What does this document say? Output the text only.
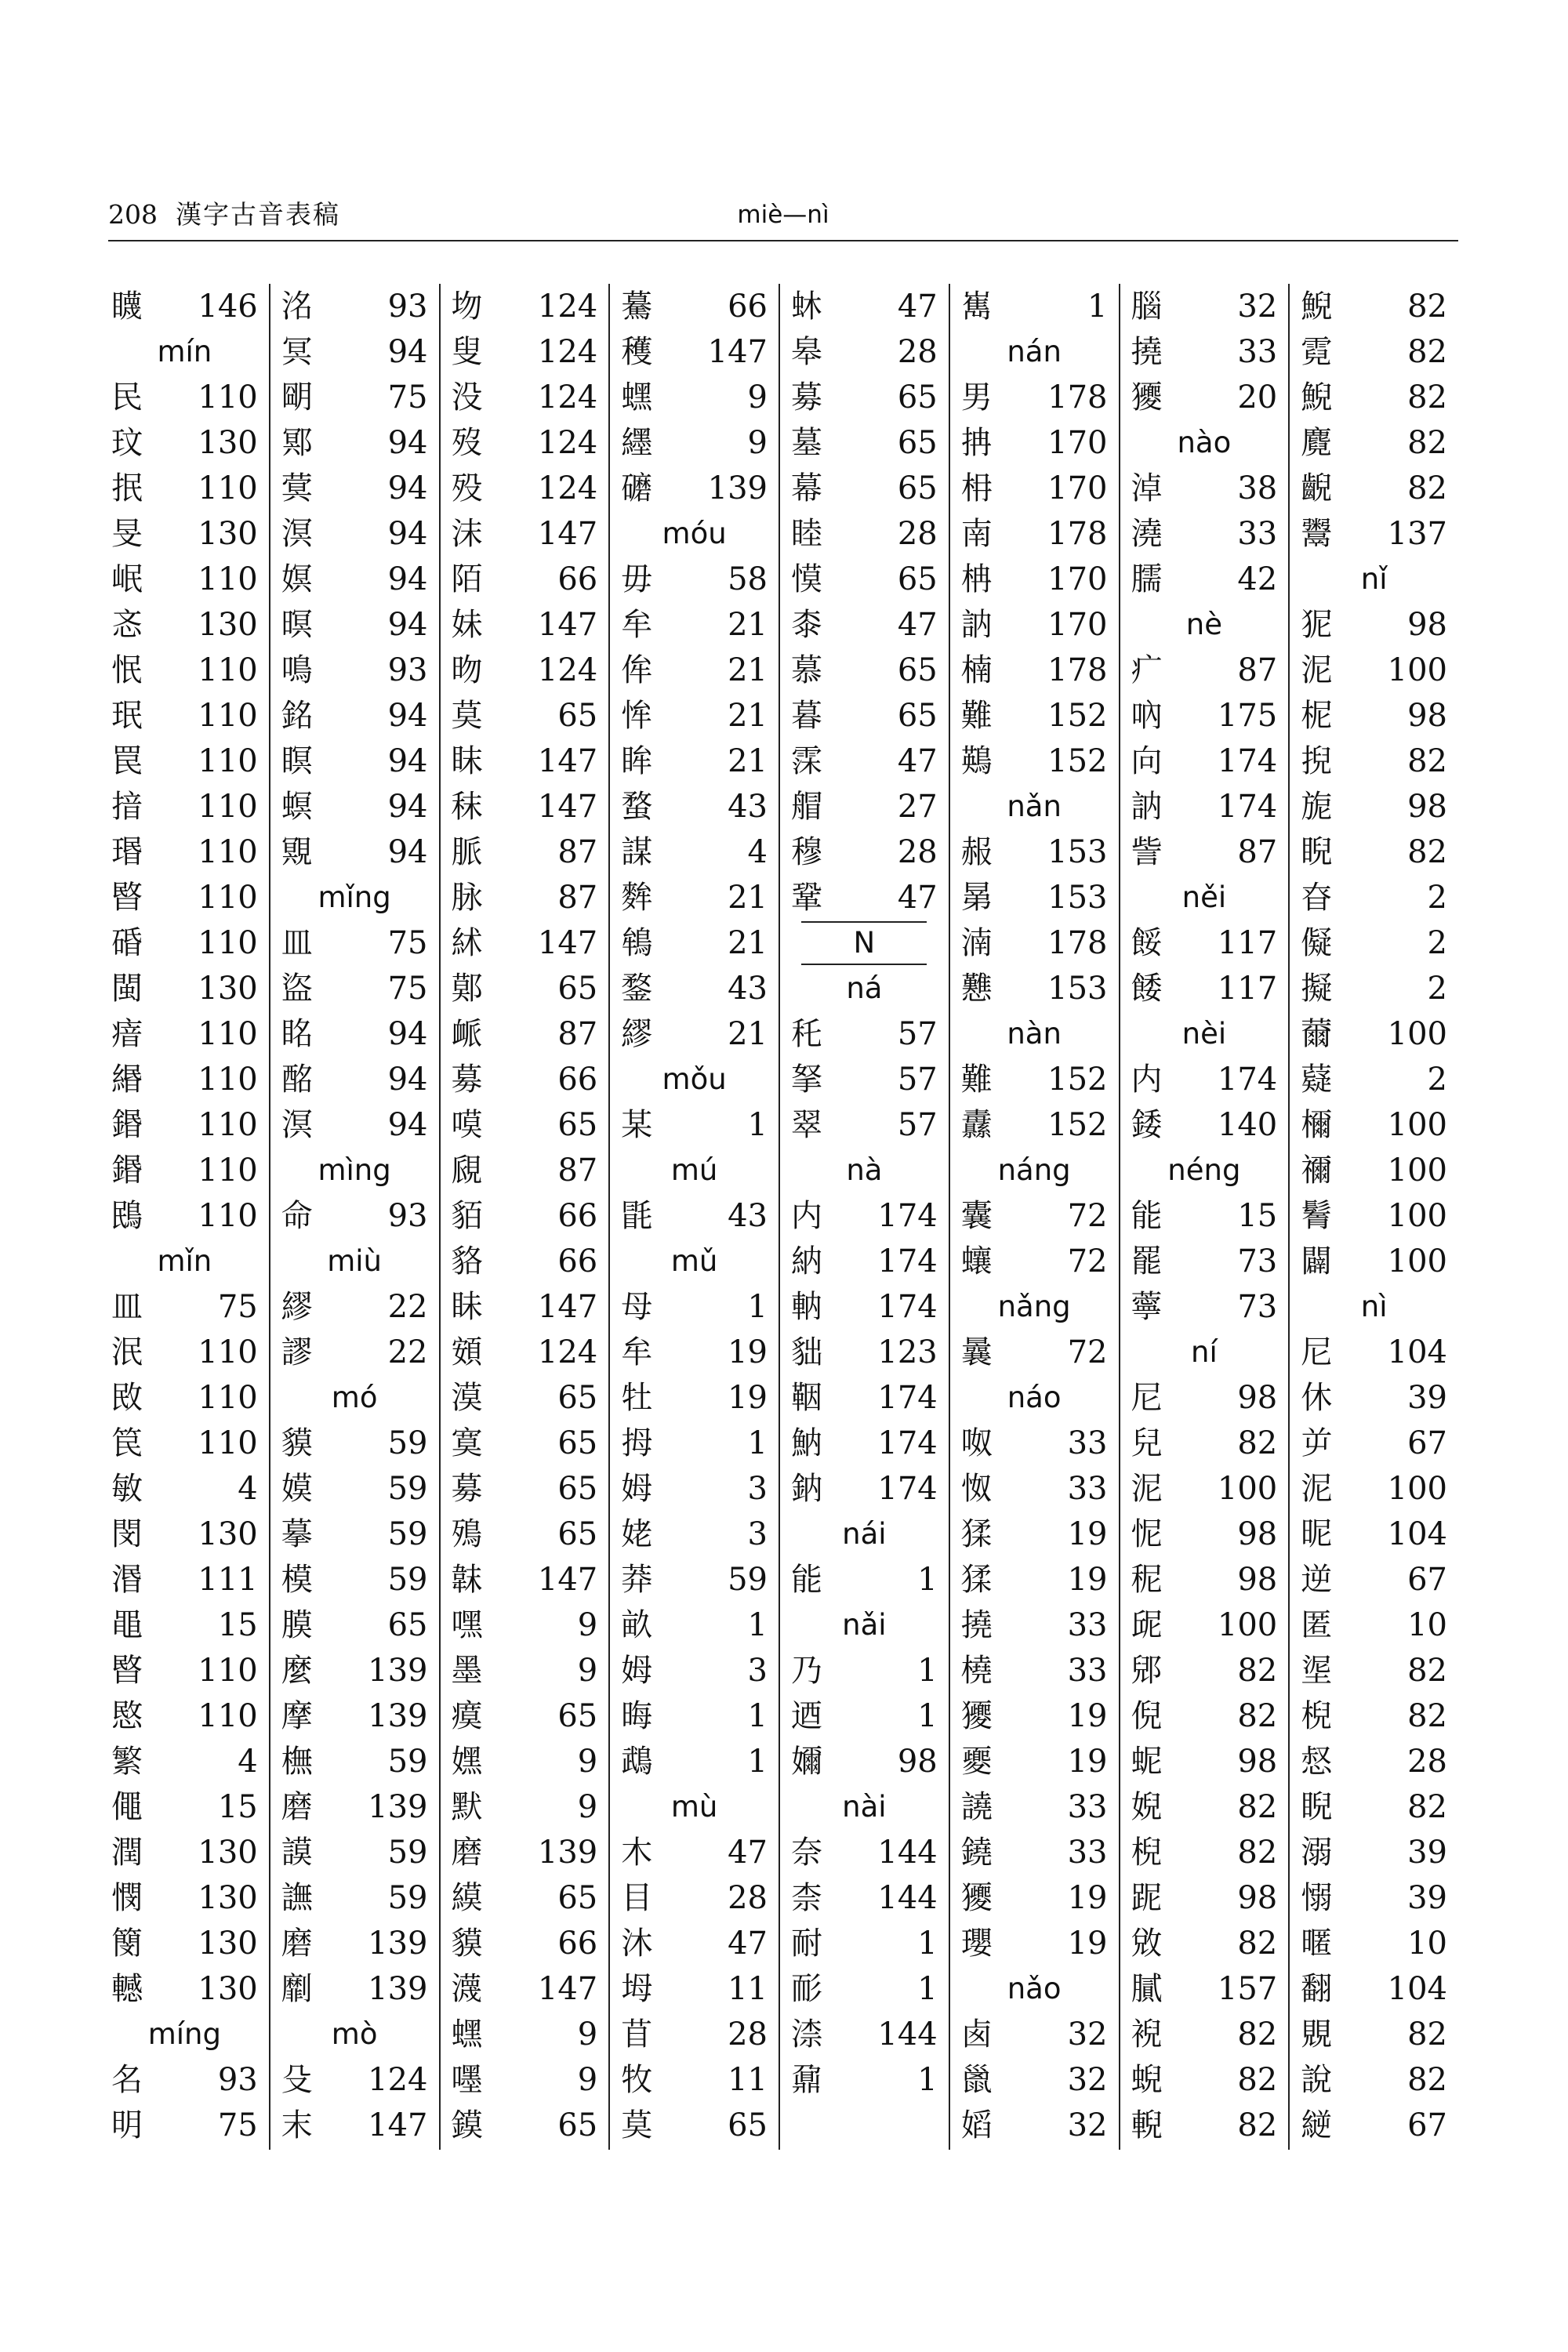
208 漢字古音表稿	miè—nì
䁾 146
mín
民 110
玟 130
抿 110
旻 130
岷 110
忞 130
怋 110
珉 110
罠 110
揞 110
瑉 110
暋 110
碈 110
閩 130
瘖 110
緡 110
鍲 110
鍲 110
鴖 110
mǐn
皿 75
泯 110
敃 110
笢 110
敏	4
閔 130
湣 111
黽 15
暋 110
愍 110
繁	4
僶 15
潤 130
憫 130
簢 130
轗 130
míng
名 93
明 75
洺 93
冥 94
朙 75
鄍 94
蓂 94
溟 94
嫇 94
暝 94
鳴 93
銘 94
瞑 94
螟 94
覭 94
mǐng
皿 75
盜 75
眳 94
酩 94
溟 94
mìng
命 93
miù
繆 22
謬 22
mó
貘 59
嫫 59
摹 59
模 59
膜 65
麼 139
摩 139
橅 59
磨 139
謨 59
譕 59
磨 139
劘 139
mò
殳 124
末 147
圽 124
叟 124
没 124
歿 124
殁 124
沫 147
陌 66
妹 147
昒 124
莫 65
眜 147
秣 147
脈 87
脉 87
絉 147
鄚 65
衇 87
募 66
嗼 65
覛 87
貊 66
貉 66
眛 147
頞 124
漠 65
寞 65
募 65
殦 65
韎 147
嘿	9
墨	9
瘼 65
嫼	9
默	9
磨 139
縸 65
貘 66
瀎 147
蟔	9
嚜	9
鏌 65
驀 66
穫 147
蟔	9
纆	9
礳 139
móu
毋 58
牟 21
侔 21
恈 21
眸 21
蝥 43
謀	4
麰 21
鴾 21
鍪 43
繆 21
mǒu
某	1
mú
毷 43
mǔ
母	1
牟 19
牡 19
拇	1
姆	3
姥	3
莽 59
畝	1
姆	3
晦	1
鵡	1
mù
木 47
目 28
沐 47
坶 11
苜 28
牧 11
莫 65
蚞 47
皋 28
募 65
墓 65
幕 65
睦 28
慔 65
桼 47
慕 65
暮 65
霂 47
艒 27
穆 28
鞏 47
N
ná
秅 57
拏 57
翠 57
nà
内 174
納 174
軜 174
貀 123
鞇 174
魶 174
鈉 174
nái
能	1
nǎi
乃	1
迺	1
嬭 98
nài
奈 144
柰 144
耐	1
耏	1
渿 144
鼐	1
嶲	1
nán
男 178
抩 170
枏 170
南 178
柟 170
訥 170
楠 178
難 152
鶧 152
nǎn
赧 153
晜 153
湳 178
戁 153
nàn
難 152
纛 152
náng
囊 72
蠰 72
nǎng
曩 72
náo
呶 33
怓 33
猱 19
猱 19
撓 33
橈 33
獿 19
夒 19
譊 33
鐃 33
獿 19
瓔 19
nǎo
卥 32
巤 32
嫍 32
腦 32
撓 33
獿 20
nào
淖 38
澆 33
臑 42
nè
疒 87
吶 175
向 174
訥 174
訾 87
něi
餒 117
餧 117
nèi
内 174
錗 140
néng
能 15
罷 73
薴 73
ní
尼 98
兒 82
泥 100
怩 98
秜 98
屔 100
郳 82
倪 82
蚭 98
婗 82
棿 82
跜 98
敓 82
膩 157
䘽 82
蜺 82
輗 82
鯢 82
霓 82
鯢 82
麑 82
齯 82
鬻 137
nǐ
狔 98
泥 100
柅 98
掜 82
旎 98
睨 82
昚	2
儗	2
擬	2
薾 100
薿	2
檷 100
禰 100
鬌 100
闢 100
nì
尼 104
休 39
屰 67
泥 100
昵 104
逆 67
匿 10
埿 82
棿 82
惄 28
睨 82
溺 39
愵 39
暱 10
翻 104
覞 82
說 82
縌 67
